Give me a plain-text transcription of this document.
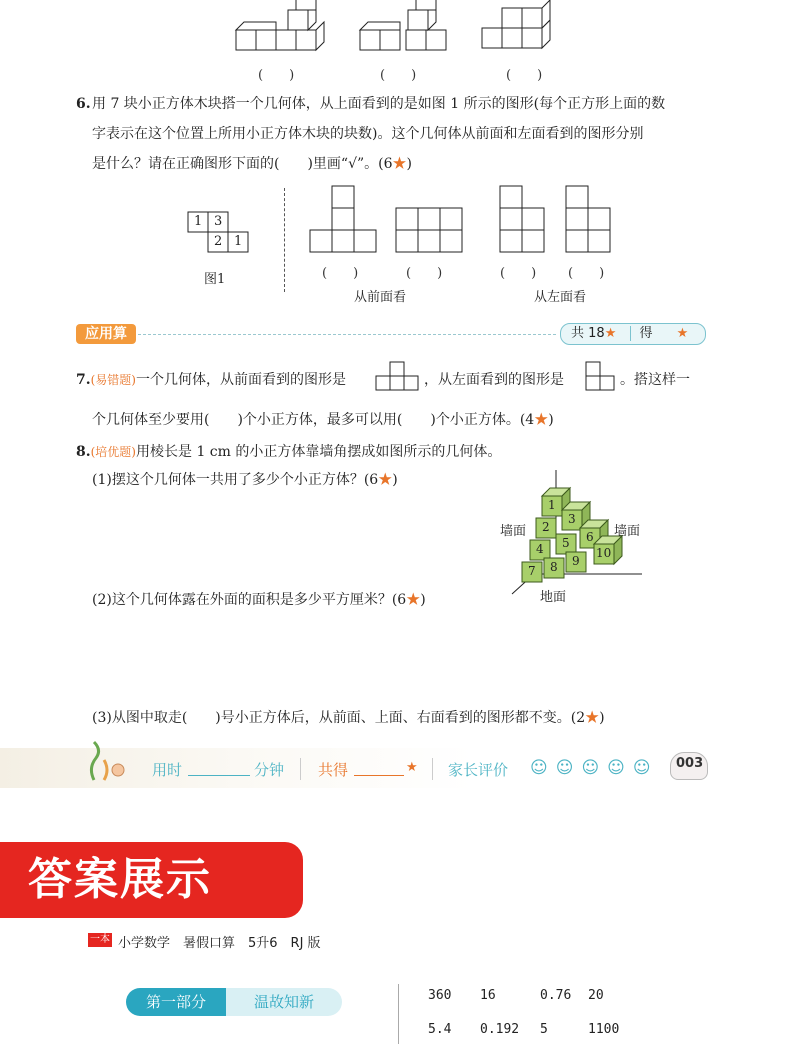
(　　)	(　　)	(　　)
6. 用 7 块小正方体木块搭一个几何体，从上面看到的是如图 1 所示的图形(每个正方形上面的数
字表示在这个位置上所用小正方体木块的块数)。这个几何体从前面和左面看到的图形分别
是什么？请在正确图形下面的(　　)里画“√”。(6★)
1 3
2 1
图1	(　　)	(　　)	(　　) (　　)
从前面看	从左面看
应用算	共 18★ 得 ★
7.(易错题)一个几何体，从前面看到的图形是	，从左面看到的图形是	。搭这样一
个几何体至少要用(　　)个小正方体，最多可以用(　　)个小正方体。(4★)
8.(培优题)用棱长是 1 cm 的小正方体靠墙角摆成如图所示的几何体。
(1)摆这个几何体一共用了多少个小正方体？(6★)
1
2
3
4 5 6
7 8 9
10
墙面	墙面
地面
(2)这个几何体露在外面的面积是多少平方厘米？(6★)
(3)从图中取走(　　)号小正方体后，从前面、上面、右面看到的图形都不变。(2★)
用时	分钟 共得	★ 家长评价 ☺☺☺☺☺ 003
答案展示
一本 小学数学　暑假口算　5升6　RJ 版
第一部分	温故知新	360 16	0.76 20
5.4 0.192 5	1100
